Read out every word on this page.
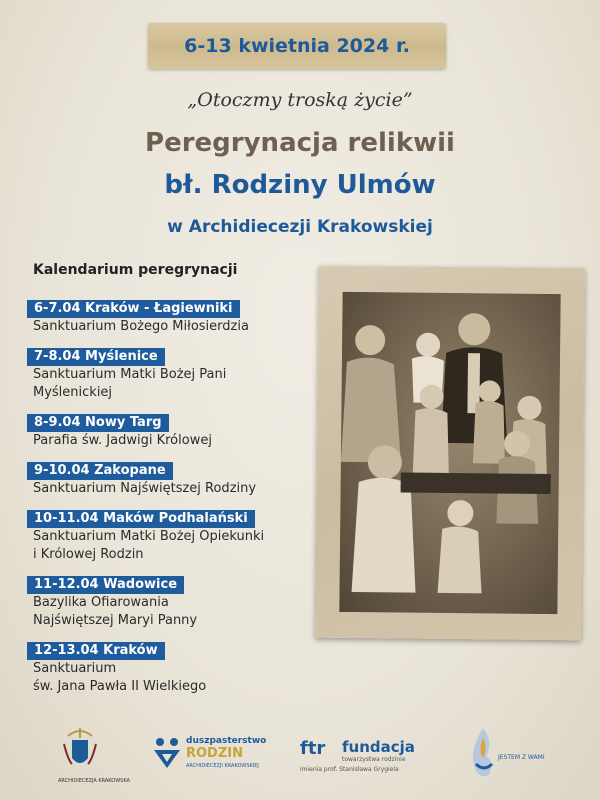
6-13 kwietnia 2024 r.
„Otoczmy troską życie”
Peregrynacja relikwii
bł. Rodziny Ulmów
w Archidiecezji Krakowskiej
Kalendarium peregrynacji
6-7.04 Kraków - Łagiewniki
Sanktuarium Bożego Miłosierdzia
7-8.04 Myślenice
Sanktuarium Matki Bożej Pani
Myślenickiej
8-9.04 Nowy Targ
Parafia św. Jadwigi Królowej
9-10.04 Zakopane
Sanktuarium Najświętszej Rodziny
10-11.04 Maków Podhalański
Sanktuarium Matki Bożej Opiekunki
i Królowej Rodzin
11-12.04 Wadowice
Bazylika Ofiarowania
Najświętszej Maryi Panny
12-13.04 Kraków
Sanktuarium
św. Jana Pawła II Wielkiego
ARCHIDIECEZJA KRAKOWSKA
duszpasterstwo
RODZIN
ARCHIDIECEZJI KRAKOWSKIEJ
ftr fundacja
towarzystwa rodzinie
imienia prof. Stanisława Grygiela
JESTEM Z WAMI
